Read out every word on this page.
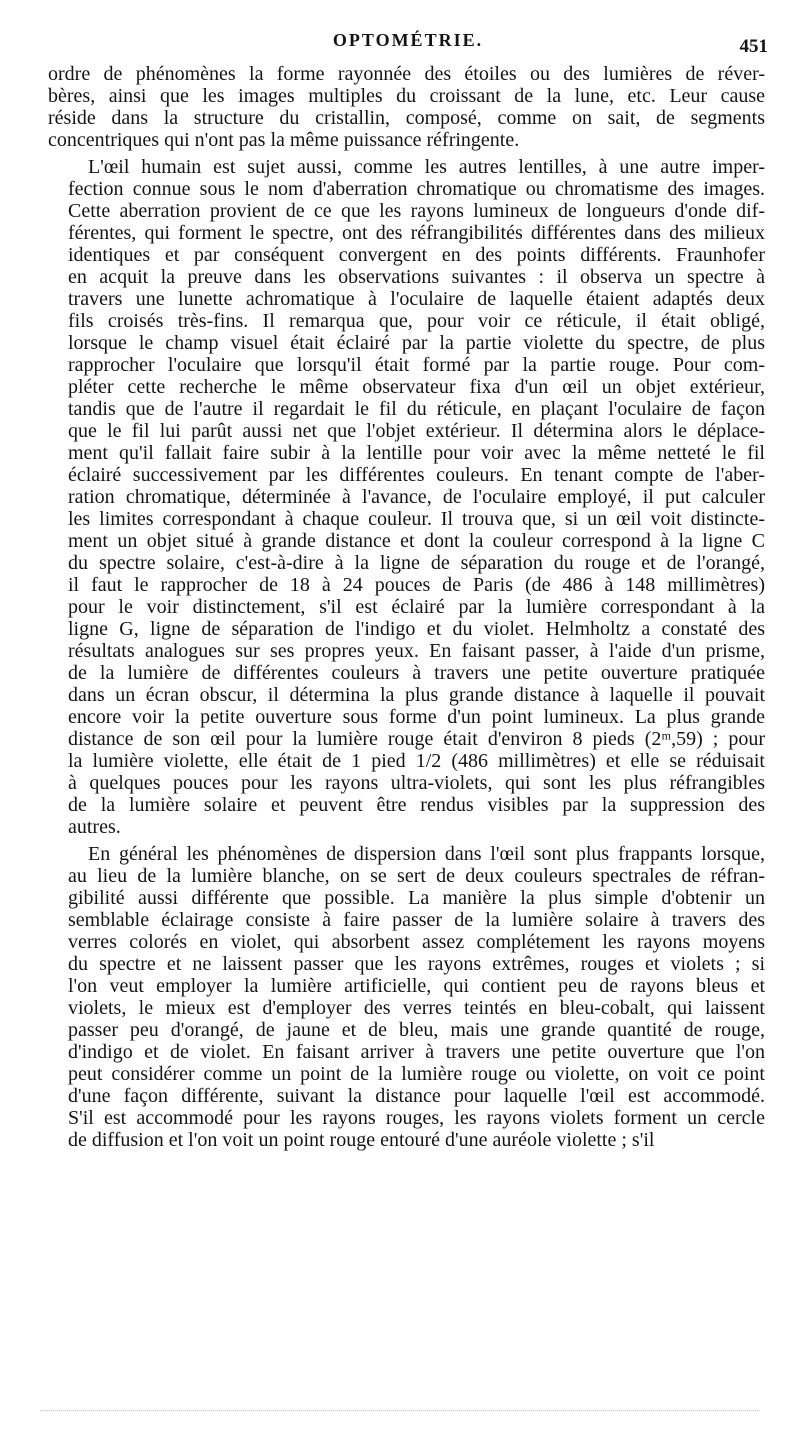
OPTOMÉTRIE.	451
ordre de phénomènes la forme rayonnée des étoiles ou des lumières de réver-
bères, ainsi que les images multiples du croissant de la lune, etc. Leur cause
réside dans la structure du cristallin, composé, comme on sait, de segments
concentriques qui n'ont pas la même puissance réfringente.
L'œil humain est sujet aussi, comme les autres lentilles, à une autre imper-
fection connue sous le nom d'aberration chromatique ou chromatisme des images.
Cette aberration provient de ce que les rayons lumineux de longueurs d'onde dif-
férentes, qui forment le spectre, ont des réfrangibilités différentes dans des milieux
identiques et par conséquent convergent en des points différents. Fraunhofer
en acquit la preuve dans les observations suivantes : il observa un spectre à
travers une lunette achromatique à l'oculaire de laquelle étaient adaptés deux
fils croisés très-fins. Il remarqua que, pour voir ce réticule, il était obligé,
lorsque le champ visuel était éclairé par la partie violette du spectre, de plus
rapprocher l'oculaire que lorsqu'il était formé par la partie rouge. Pour com-
pléter cette recherche le même observateur fixa d'un œil un objet extérieur,
tandis que de l'autre il regardait le fil du réticule, en plaçant l'oculaire de façon
que le fil lui parût aussi net que l'objet extérieur. Il détermina alors le déplace-
ment qu'il fallait faire subir à la lentille pour voir avec la même netteté le fil
éclairé successivement par les différentes couleurs. En tenant compte de l'aber-
ration chromatique, déterminée à l'avance, de l'oculaire employé, il put calculer
les limites correspondant à chaque couleur. Il trouva que, si un œil voit distincte-
ment un objet situé à grande distance et dont la couleur correspond à la ligne C
du spectre solaire, c'est-à-dire à la ligne de séparation du rouge et de l'orangé,
il faut le rapprocher de 18 à 24 pouces de Paris (de 486 à 148 millimètres)
pour le voir distinctement, s'il est éclairé par la lumière correspondant à la
ligne G, ligne de séparation de l'indigo et du violet. Helmholtz a constaté des
résultats analogues sur ses propres yeux. En faisant passer, à l'aide d'un prisme,
de la lumière de différentes couleurs à travers une petite ouverture pratiquée
dans un écran obscur, il détermina la plus grande distance à laquelle il pouvait
encore voir la petite ouverture sous forme d'un point lumineux. La plus grande
distance de son œil pour la lumière rouge était d'environ 8 pieds (2ᵐ,59) ; pour
la lumière violette, elle était de 1 pied 1/2 (486 millimètres) et elle se réduisait
à quelques pouces pour les rayons ultra-violets, qui sont les plus réfrangibles
de la lumière solaire et peuvent être rendus visibles par la suppression des
autres.
En général les phénomènes de dispersion dans l'œil sont plus frappants lorsque,
au lieu de la lumière blanche, on se sert de deux couleurs spectrales de réfran-
gibilité aussi différente que possible. La manière la plus simple d'obtenir un
semblable éclairage consiste à faire passer de la lumière solaire à travers des
verres colorés en violet, qui absorbent assez complétement les rayons moyens
du spectre et ne laissent passer que les rayons extrêmes, rouges et violets ; si
l'on veut employer la lumière artificielle, qui contient peu de rayons bleus et
violets, le mieux est d'employer des verres teintés en bleu-cobalt, qui laissent
passer peu d'orangé, de jaune et de bleu, mais une grande quantité de rouge,
d'indigo et de violet. En faisant arriver à travers une petite ouverture que l'on
peut considérer comme un point de la lumière rouge ou violette, on voit ce point
d'une façon différente, suivant la distance pour laquelle l'œil est accommodé.
S'il est accommodé pour les rayons rouges, les rayons violets forment un cercle
de diffusion et l'on voit un point rouge entouré d'une auréole violette ; s'il
